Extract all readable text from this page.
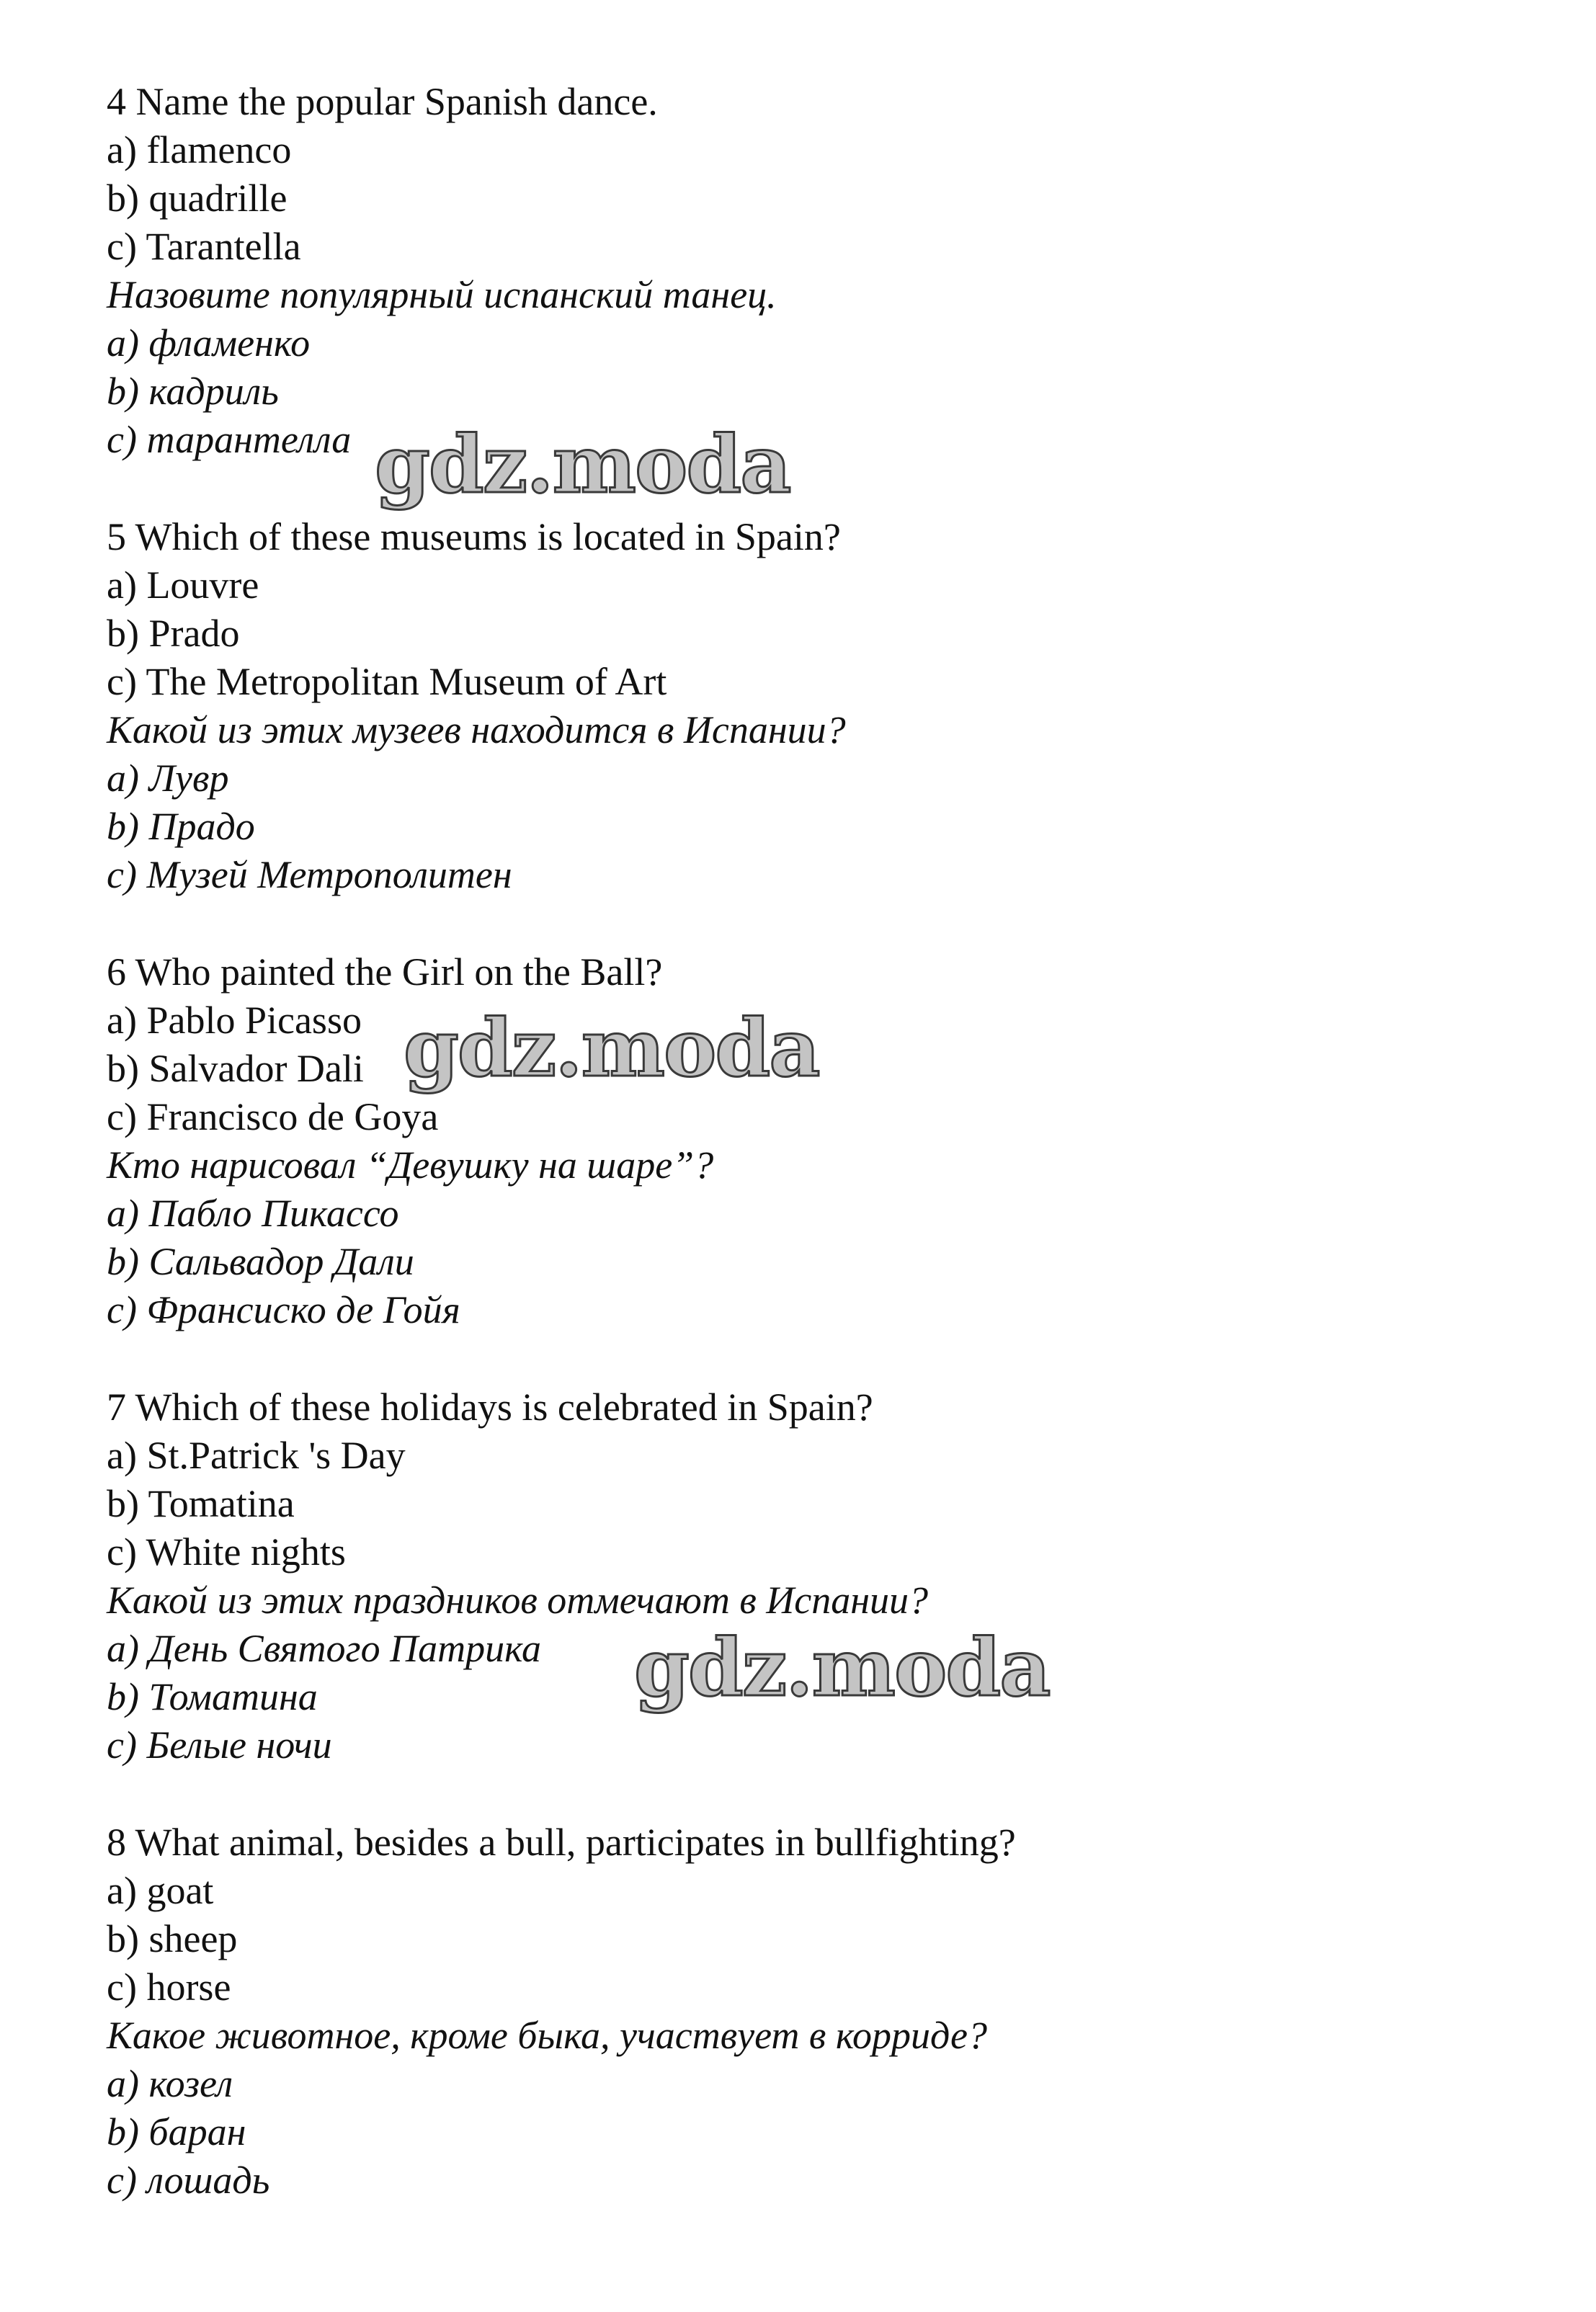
4 Name the popular Spanish dance.
a) flamenco
b) quadrille
c) Tarantella
Назовите популярный испанский танец.
a) фламенко
b) кадриль
c) тарантелла
5 Which of these museums is located in Spain?
a) Louvre
b) Prado
c) The Metropolitan Museum of Art
Какой из этих музеев находится в Испании?
a) Лувр
b) Прадо
c) Музей Метрополитен
6 Who painted the Girl on the Ball?
a) Pablo Picasso
b) Salvador Dali
c) Francisco de Goya
Кто нарисовал “Девушку на шаре”?
a) Пабло Пикассо
b) Сальвадор Дали
c) Франсиско де Гойя
7 Which of these holidays is celebrated in Spain?
a) St.Patrick 's Day
b) Tomatina
c) White nights
Какой из этих праздников отмечают в Испании?
a) День Святого Патрика
b) Томатина
c) Белые ночи
8 What animal, besides a bull, participates in bullfighting?
a) goat
b) sheep
c) horse
Какое животное, кроме быка, участвует в корриде?
a) козел
b) баран
c) лошадь
gdz.moda
gdz.moda
gdz.moda
